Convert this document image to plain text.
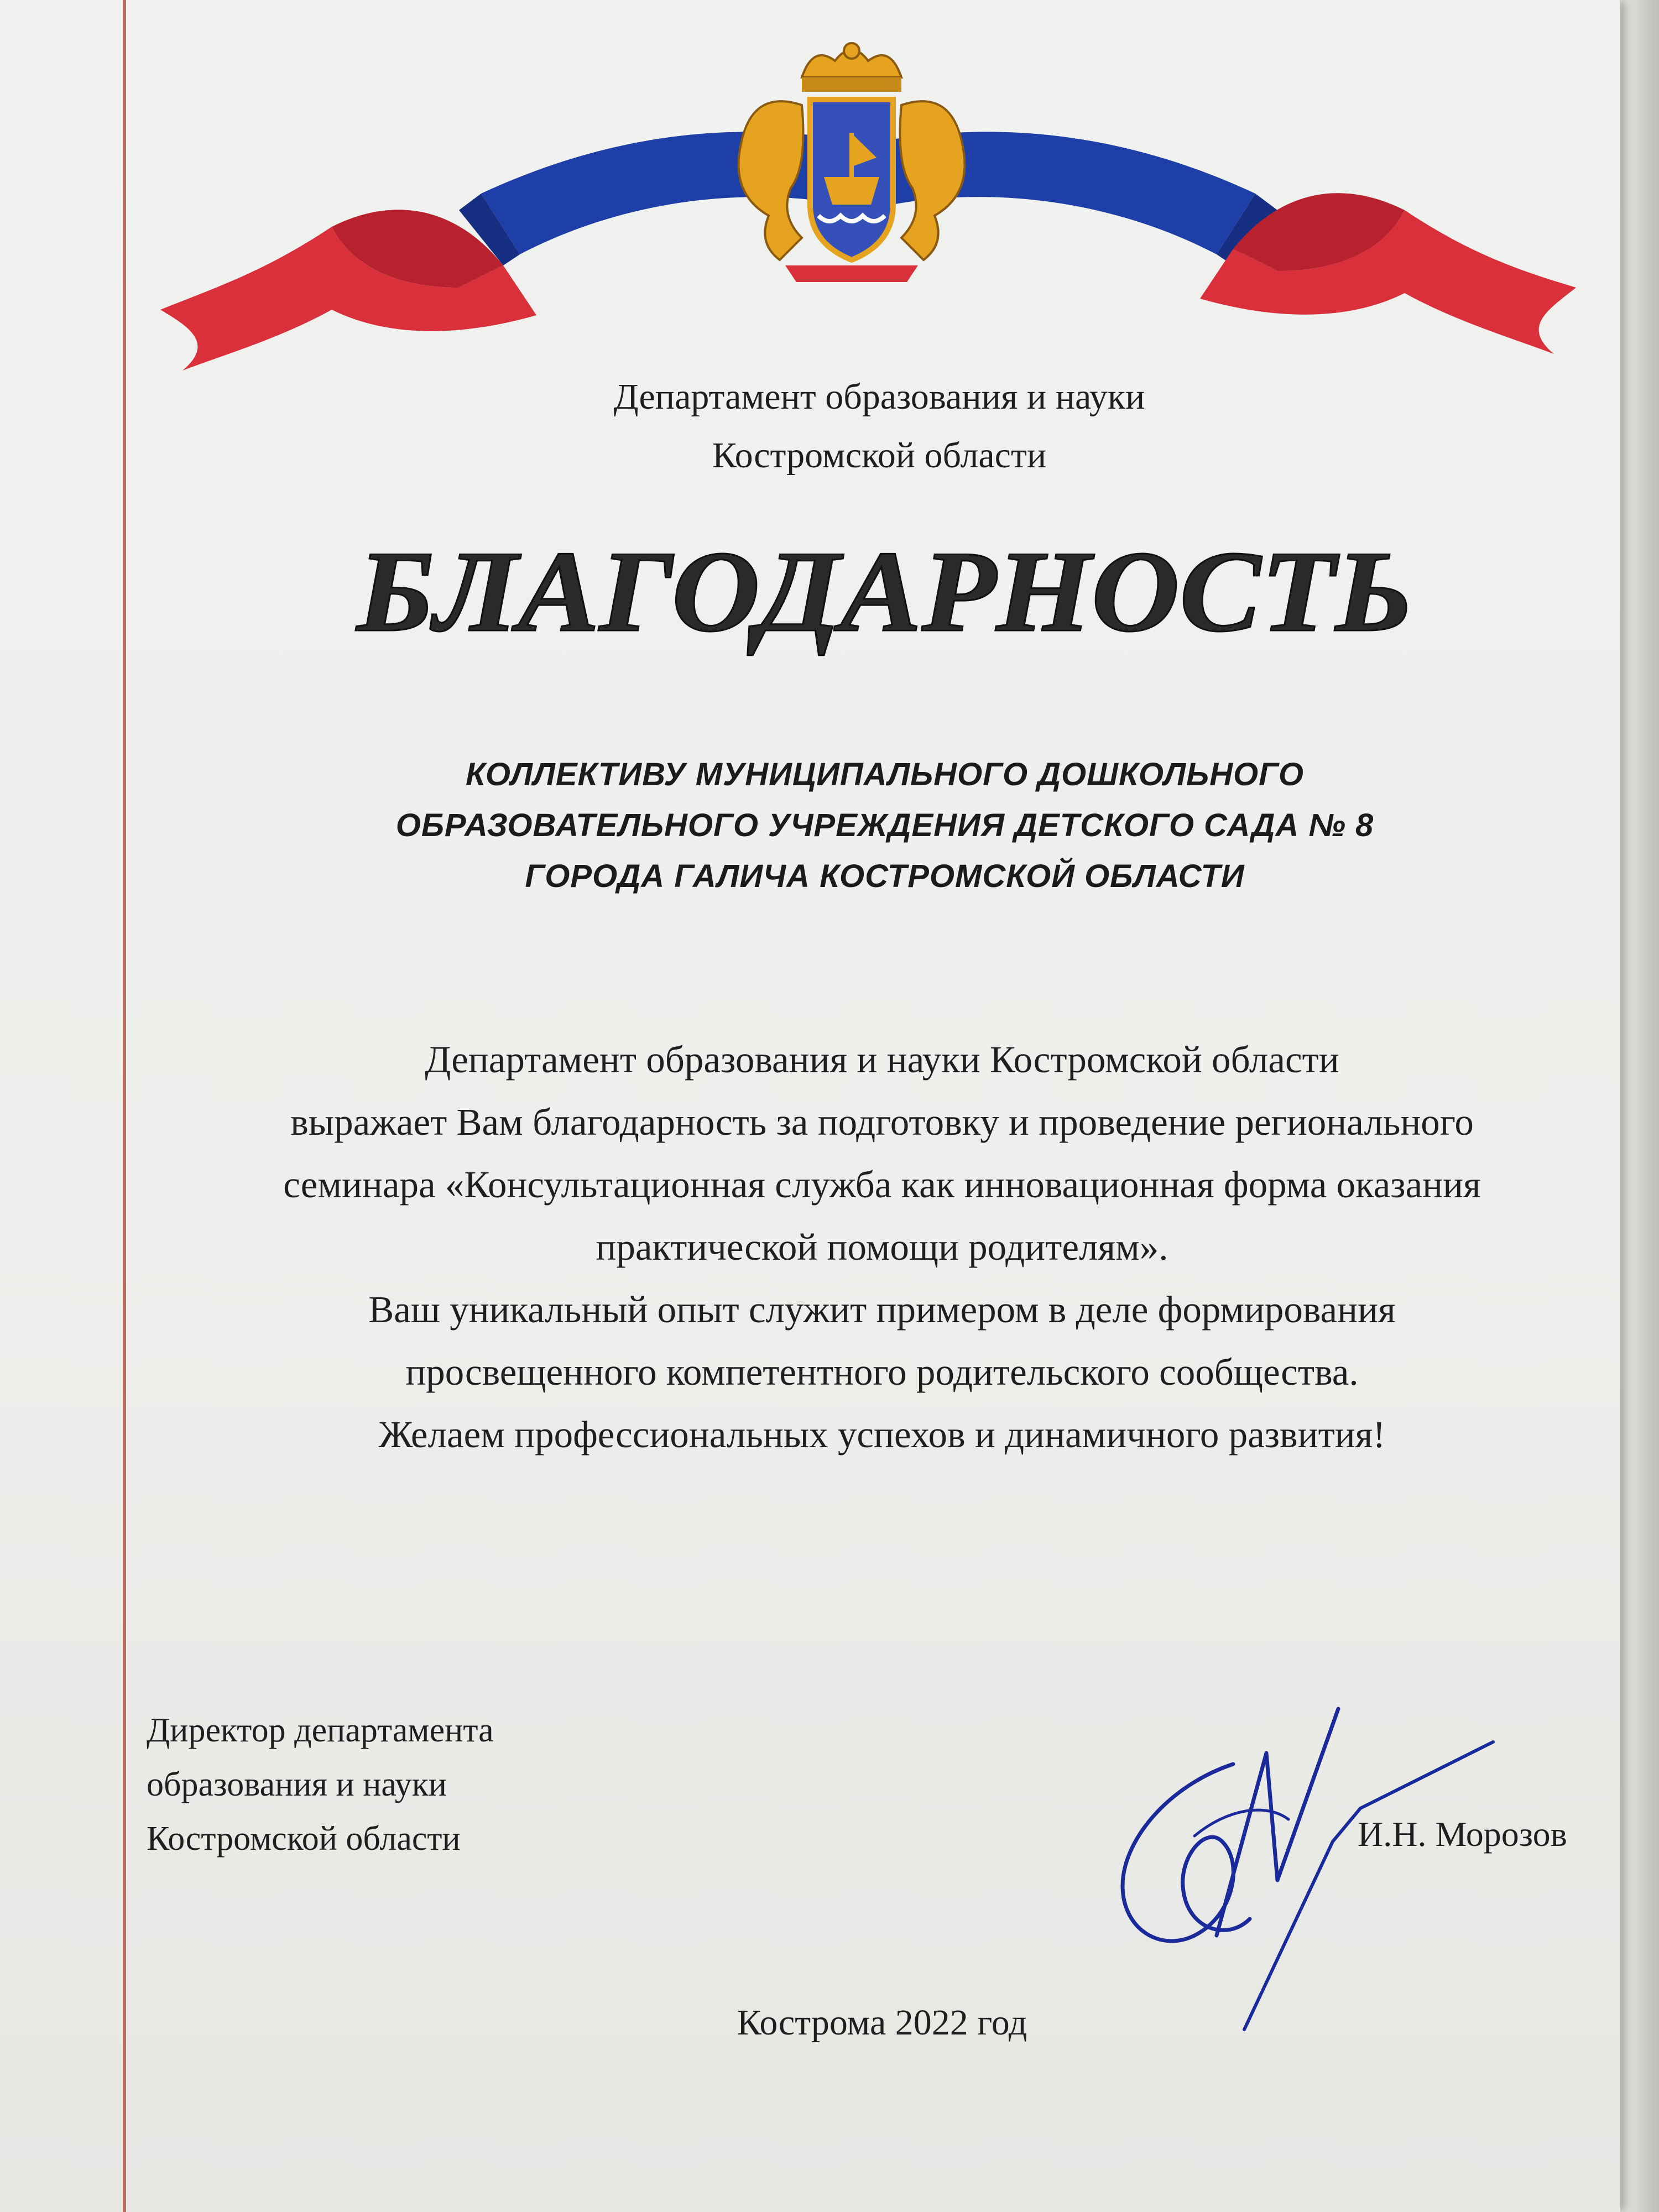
Департамент образования и науки
Костромской области
БЛАГОДАРНОСТЬ
КОЛЛЕКТИВУ МУНИЦИПАЛЬНОГО ДОШКОЛЬНОГО
ОБРАЗОВАТЕЛЬНОГО УЧРЕЖДЕНИЯ ДЕТСКОГО САДА № 8
ГОРОДА ГАЛИЧА КОСТРОМСКОЙ ОБЛАСТИ
Департамент образования и науки Костромской области
выражает Вам благодарность за подготовку и проведение регионального
семинара «Консультационная служба как инновационная форма оказания
практической помощи родителям».
Ваш уникальный опыт служит примером в деле формирования
просвещенного компетентного родительского сообщества.
Желаем профессиональных успехов и динамичного развития!
Директор департамента
образования и науки
Костромской области	И.Н. Морозов
Кострома 2022 год
